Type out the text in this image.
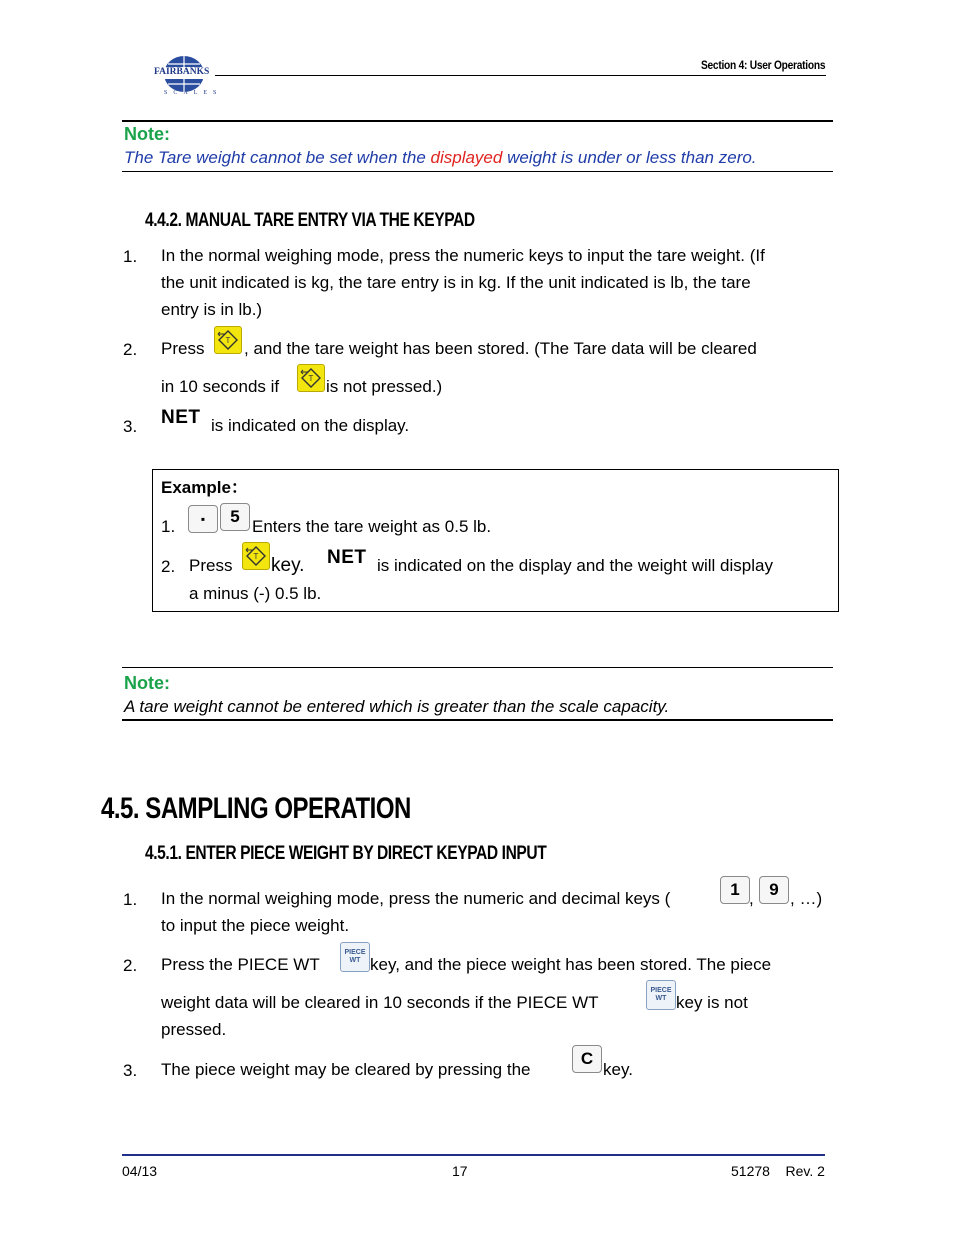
FAIRBANKS
SCALES
Section 4: User Operations
Note:
The Tare weight cannot be set when the displayed weight is under or less than zero.
4.4.2. MANUAL TARE ENTRY VIA THE KEYPAD
1. In the normal weighing mode, press the numeric keys to input the tare weight. (If
the unit indicated is kg, the tare entry is in kg. If the unit indicated is lb, the tare
entry is in lb.)
2. Press	T , and the tare weight has been stored. (The Tare data will be cleared
in 10 seconds if	T is not pressed.)
3. NET is indicated on the display.
Example：
1.	▪	5
Enters the tare weight as 0.5 lb.
2. Press	T key. NET is indicated on the display and the weight will display
a minus (-) 0.5 lb.
Note:
A tare weight cannot be entered which is greater than the scale capacity.
4.5. SAMPLING OPERATION
4.5.1. ENTER PIECE WEIGHT BY DIRECT KEYPAD INPUT
1. In the normal weighing mode, press the numeric and decimal keys (	1 , 9 , …)
to input the piece weight.
2. Press the PIECE WT
PIECE
WT key, and the piece weight has been stored. The piece
weight data will be cleared in 10 seconds if the PIECE WT
PIECE
WT key is not
pressed.
3. The piece weight may be cleared by pressing the
C
key.
04/13	17	51278    Rev. 2
